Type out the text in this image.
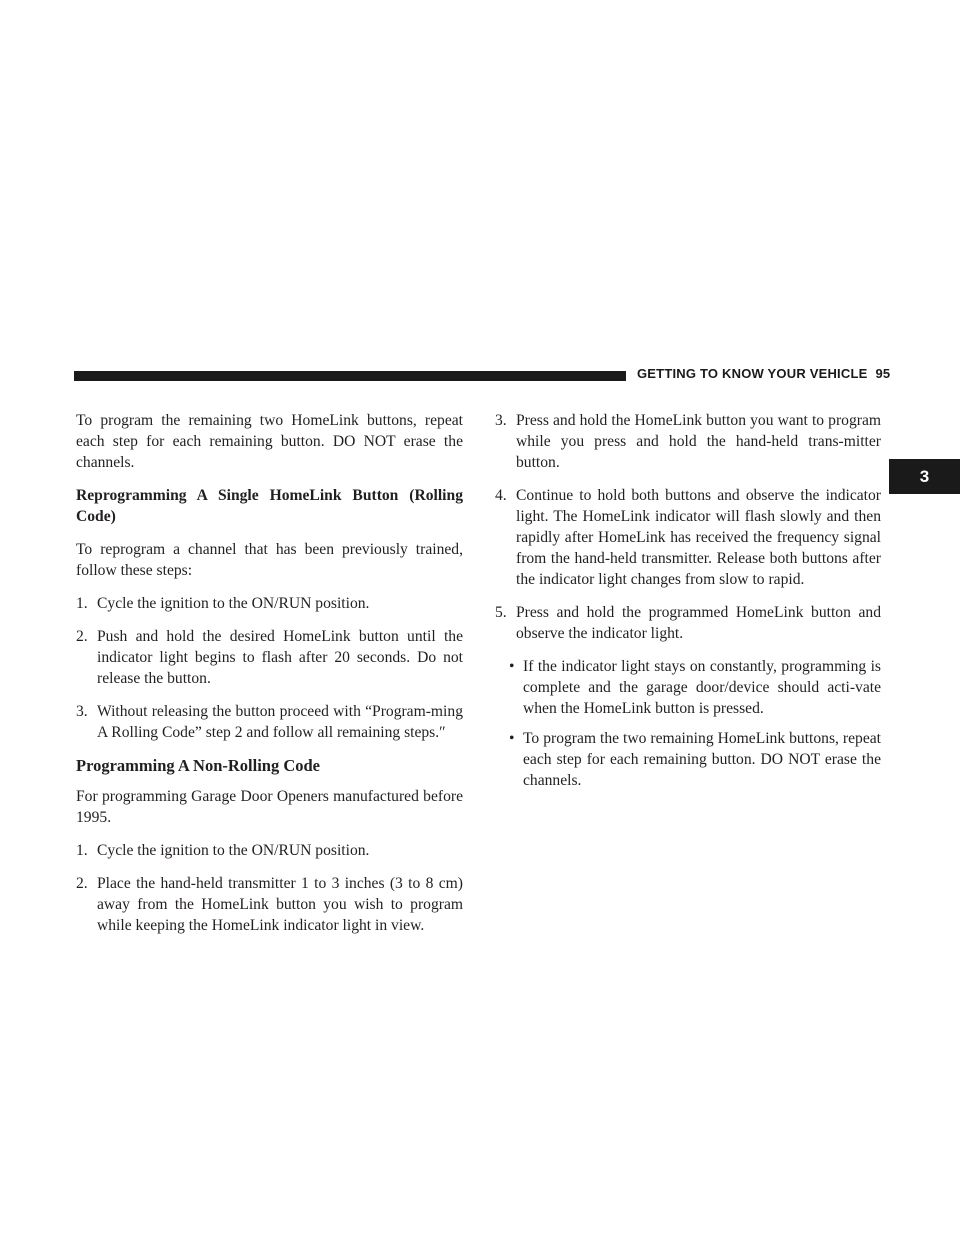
GETTING TO KNOW YOUR VEHICLE 95
3

To program the remaining two HomeLink buttons, repeat each step for each remaining button. DO NOT erase the channels.

Reprogramming A Single HomeLink Button (Rolling Code)

To reprogram a channel that has been previously trained, follow these steps:

1. Cycle the ignition to the ON/RUN position.
2. Push and hold the desired HomeLink button until the indicator light begins to flash after 20 seconds. Do not release the button.
3. Without releasing the button proceed with “Program-ming A Rolling Code” step 2 and follow all remaining steps.″
Programming A Non-Rolling Code

For programming Garage Door Openers manufactured before 1995.

1. Cycle the ignition to the ON/RUN position.
2. Place the hand-held transmitter 1 to 3 inches (3 to 8 cm) away from the HomeLink button you wish to program while keeping the HomeLink indicator light in view.
3. Press and hold the HomeLink button you want to program while you press and hold the hand-held trans-mitter button.
4. Continue to hold both buttons and observe the indicator light. The HomeLink indicator will flash slowly and then rapidly after HomeLink has received the frequency signal from the hand-held transmitter. Release both buttons after the indicator light changes from slow to rapid.
5. Press and hold the programmed HomeLink button and observe the indicator light.
• If the indicator light stays on constantly, programming is complete and the garage door/device should acti-vate when the HomeLink button is pressed.
• To program the two remaining HomeLink buttons, repeat each step for each remaining button. DO NOT erase the channels.
